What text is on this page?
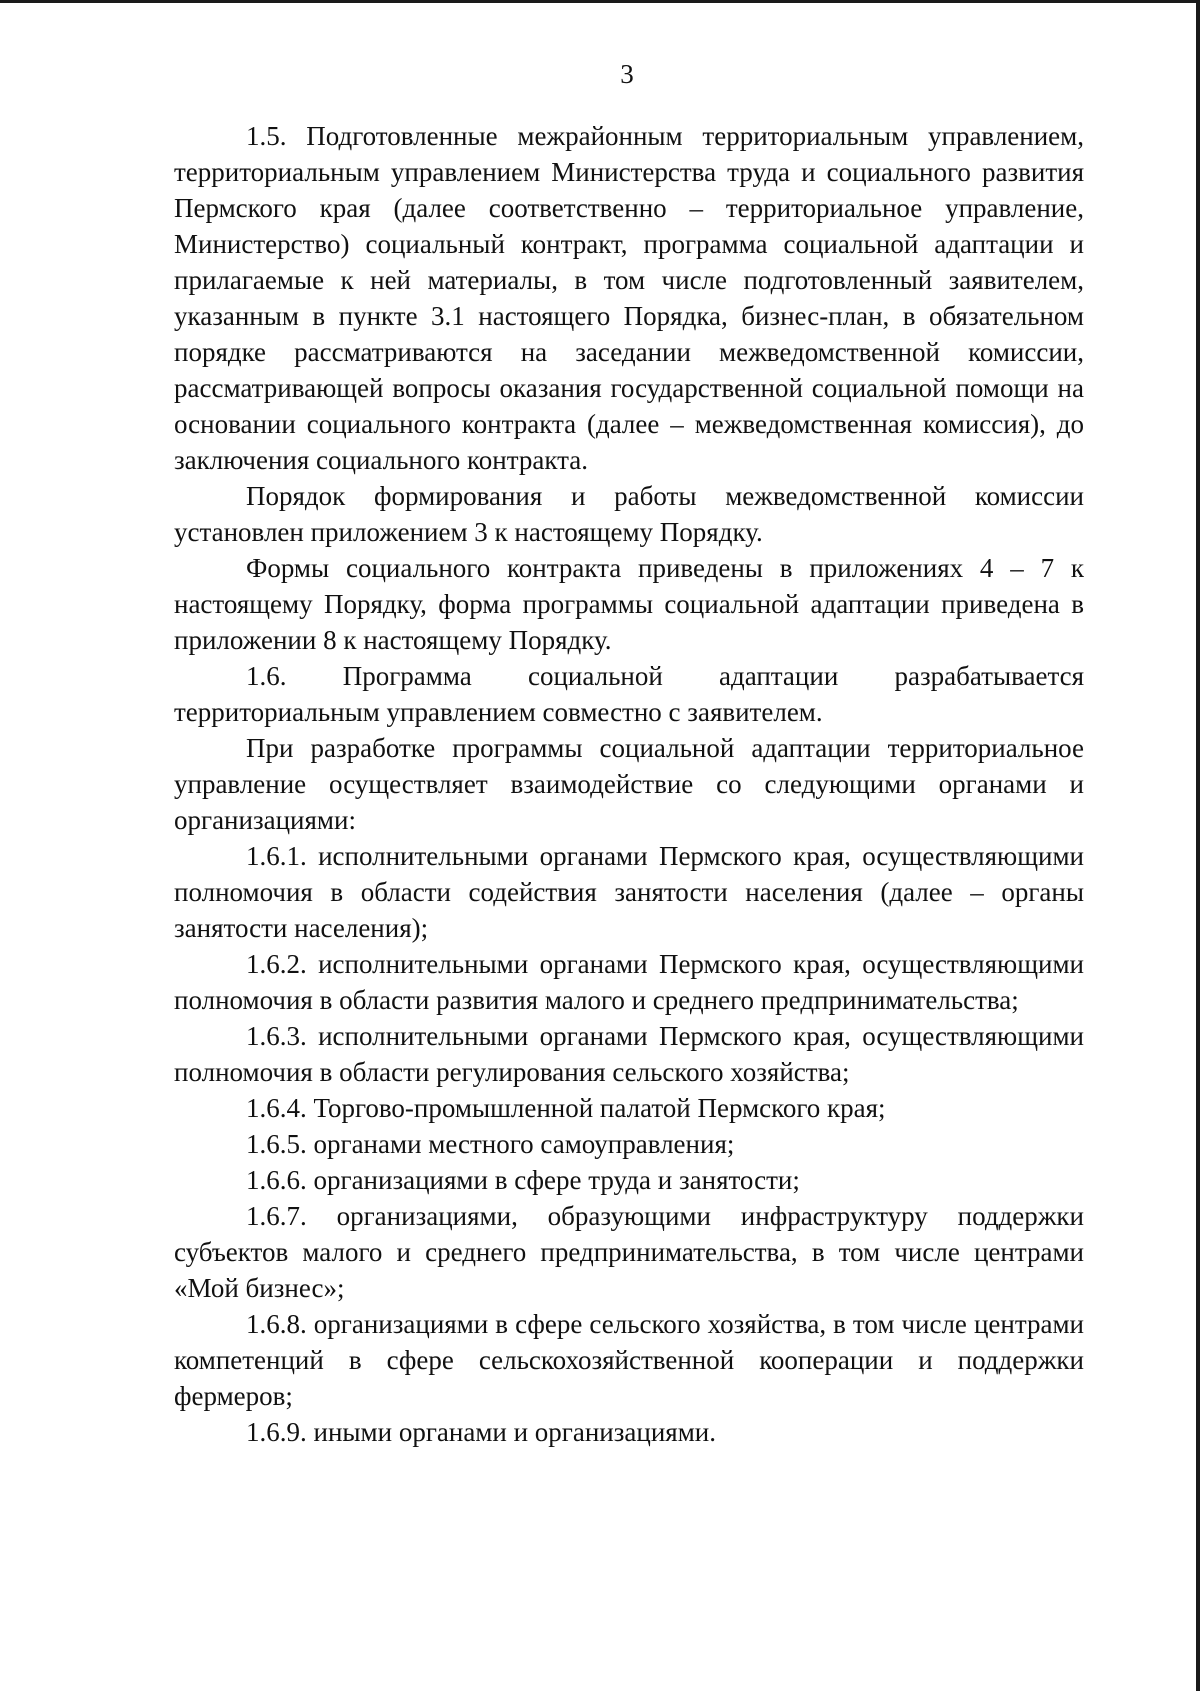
3

1.5. Подготовленные межрайонным территориальным управлением, территориальным управлением Министерства труда и социального развития Пермского края (далее соответственно – территориальное управление, Министерство) социальный контракт, программа социальной адаптации и прилагаемые к ней материалы, в том числе подготовленный заявителем, указанным в пункте 3.1 настоящего Порядка, бизнес-план, в обязательном порядке рассматриваются на заседании межведомственной комиссии, рассматривающей вопросы оказания государственной социальной помощи на основании социального контракта (далее – межведомственная комиссия), до заключения социального контракта.

Порядок формирования и работы межведомственной комиссии установлен приложением 3 к настоящему Порядку.

Формы социального контракта приведены в приложениях 4 – 7 к настоящему Порядку, форма программы социальной адаптации приведена в приложении 8 к настоящему Порядку.

1.6. Программа социальной адаптации разрабатывается территориальным управлением совместно с заявителем.

При разработке программы социальной адаптации территориальное управление осуществляет взаимодействие со следующими органами и организациями:

1.6.1. исполнительными органами Пермского края, осуществляющими полномочия в области содействия занятости населения (далее – органы занятости населения);

1.6.2. исполнительными органами Пермского края, осуществляющими полномочия в области развития малого и среднего предпринимательства;

1.6.3. исполнительными органами Пермского края, осуществляющими полномочия в области регулирования сельского хозяйства;

1.6.4. Торгово-промышленной палатой Пермского края;

1.6.5. органами местного самоуправления;

1.6.6. организациями в сфере труда и занятости;

1.6.7. организациями, образующими инфраструктуру поддержки субъектов малого и среднего предпринимательства, в том числе центрами «Мой бизнес»;

1.6.8. организациями в сфере сельского хозяйства, в том числе центрами компетенций в сфере сельскохозяйственной кооперации и поддержки фермеров;

1.6.9. иными органами и организациями.
